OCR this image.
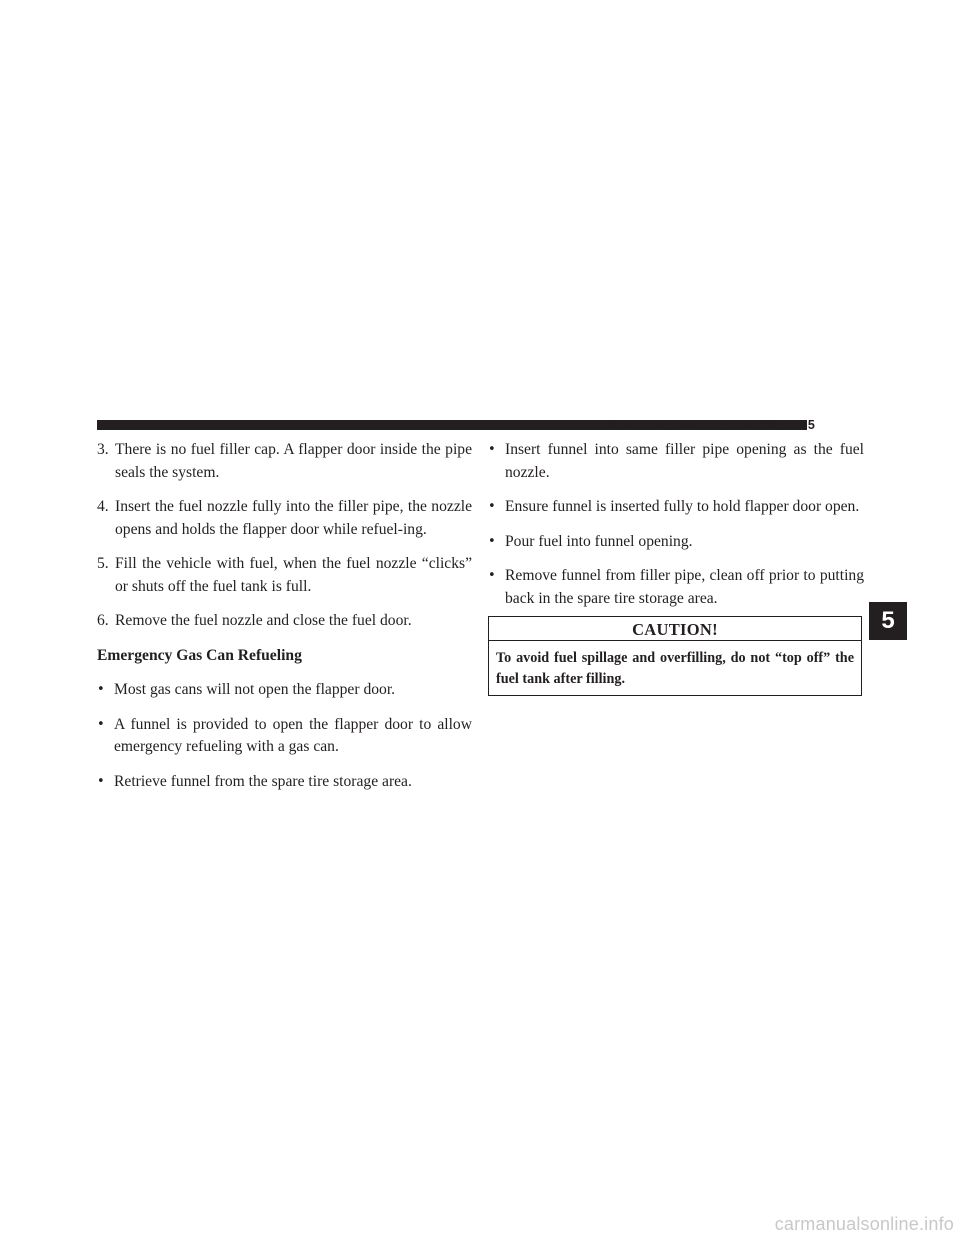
STARTING AND OPERATING 465
3. There is no fuel filler cap. A flapper door inside the pipe seals the system.
4. Insert the fuel nozzle fully into the filler pipe, the nozzle opens and holds the flapper door while refuel-ing.
5. Fill the vehicle with fuel, when the fuel nozzle “clicks” or shuts off the fuel tank is full.
6. Remove the fuel nozzle and close the fuel door.
Emergency Gas Can Refueling
• Most gas cans will not open the flapper door.
• A funnel is provided to open the flapper door to allow emergency refueling with a gas can.
• Retrieve funnel from the spare tire storage area.
• Insert funnel into same filler pipe opening as the fuel nozzle.
• Ensure funnel is inserted fully to hold flapper door open.
• Pour fuel into funnel opening.
• Remove funnel from filler pipe, clean off prior to putting back in the spare tire storage area.
CAUTION!
To avoid fuel spillage and overfilling, do not “top off” the fuel tank after filling.
5
carmanualsonline.info
